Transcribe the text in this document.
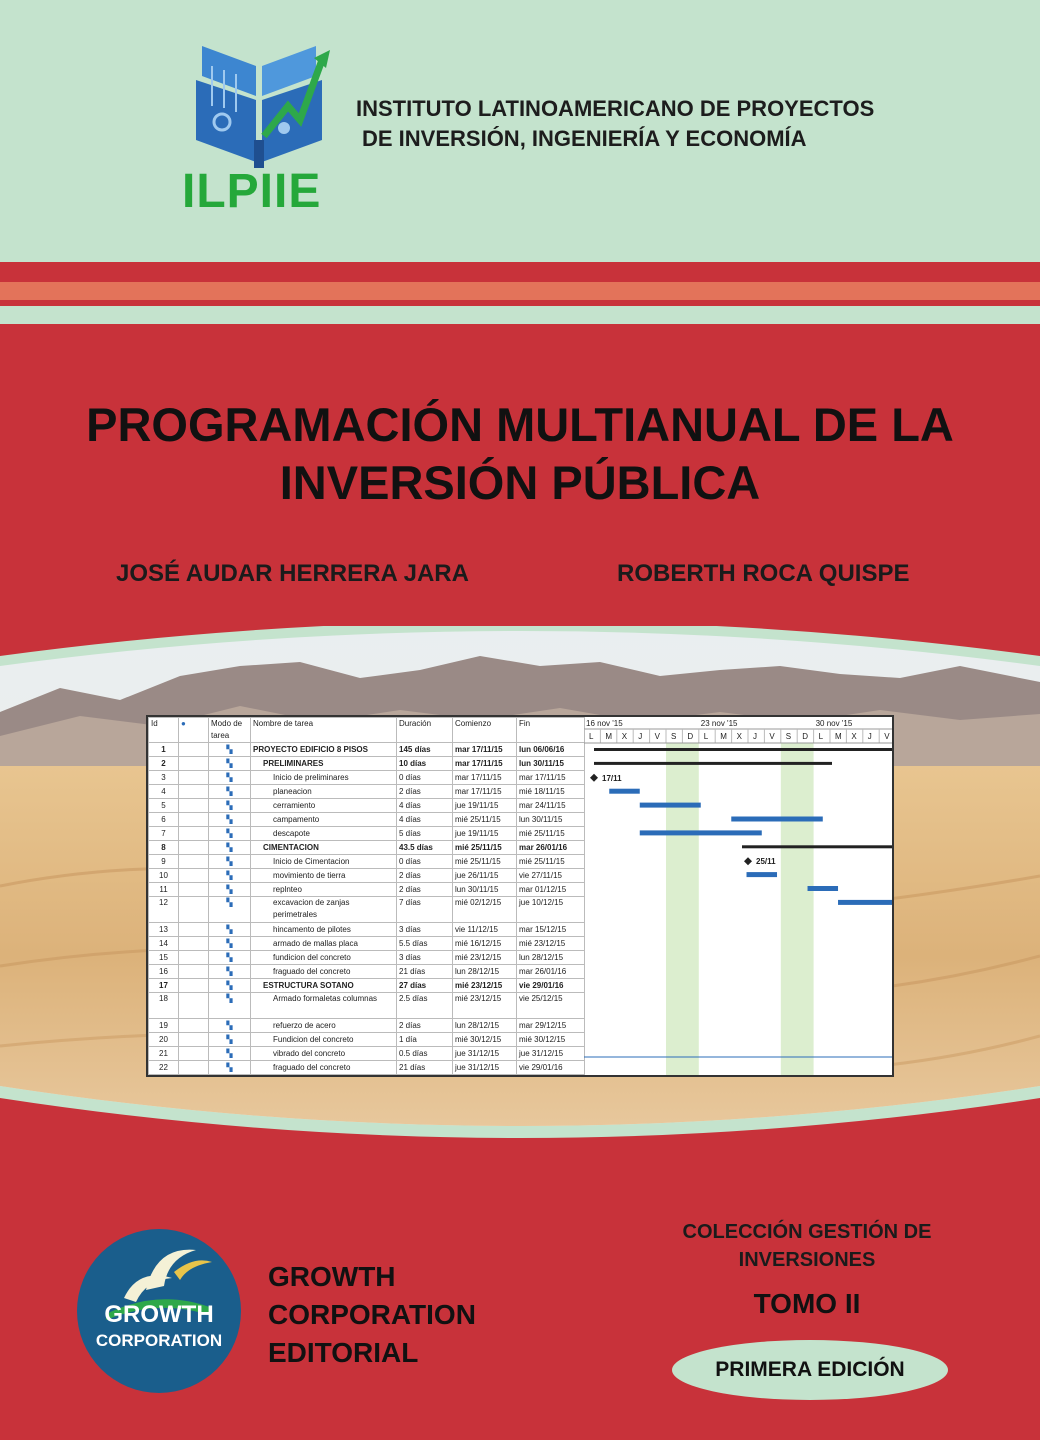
ILPIIE
INSTITUTO LATINOAMERICANO DE PROYECTOS
DE INVERSIÓN, INGENIERÍA Y ECONOMÍA
PROGRAMACIÓN MULTIANUAL DE LA
INVERSIÓN PÚBLICA
JOSÉ AUDAR HERRERA JARA	ROBERTH ROCA QUISPE
Id	●	Modo de tarea	Nombre de tarea	Duración	Comienzo	Fin
1		▚	PROYECTO EDIFICIO 8 PISOS	145 días	mar 17/11/15	lun 06/06/16
2		▚	PRELIMINARES	10 días	mar 17/11/15	lun 30/11/15
3		▚	Inicio de preliminares	0 días	mar 17/11/15	mar 17/11/15
4		▚	planeacion	2 días	mar 17/11/15	mié 18/11/15
5		▚	cerramiento	4 días	jue 19/11/15	mar 24/11/15
6		▚	campamento	4 días	mié 25/11/15	lun 30/11/15
7		▚	descapote	5 días	jue 19/11/15	mié 25/11/15
8		▚	CIMENTACION	43.5 días	mié 25/11/15	mar 26/01/16
9		▚	Inicio de Cimentacion	0 días	mié 25/11/15	mié 25/11/15
10		▚	movimiento de tierra	2 días	jue 26/11/15	vie 27/11/15
11		▚	replnteo	2 días	lun 30/11/15	mar 01/12/15
12		▚	excavacion de zanjas perimetrales	7 días	mié 02/12/15	jue 10/12/15
13		▚	hincamento de pilotes	3 días	vie 11/12/15	mar 15/12/15
14		▚	armado de mallas placa	5.5 días	mié 16/12/15	mié 23/12/15
15		▚	fundicion del concreto	3 días	mié 23/12/15	lun 28/12/15
16		▚	fraguado del concreto	21 días	lun 28/12/15	mar 26/01/16
17		▚	ESTRUCTURA SOTANO	27 días	mié 23/12/15	vie 29/01/16
18		▚	Armado formaletas columnas	2.5 días	mié 23/12/15	vie 25/12/15
19		▚	refuerzo de acero	2 días	lun 28/12/15	mar 29/12/15
20		▚	Fundicion del concreto	1 día	mié 30/12/15	mié 30/12/15
21		▚	vibrado del concreto	0.5 días	jue 31/12/15	jue 31/12/15
22		▚	fraguado del concreto	21 días	jue 31/12/15	vie 29/01/16
16 nov '15	23 nov '15	30 nov '15
L M X J V S D L M X J V S D L M X J V
17/11
25/11
COLECCIÓN GESTIÓN DE
INVERSIONES
TOMO II
PRIMERA EDICIÓN
GROWTH
CORPORATION
GROWTH
CORPORATION
EDITORIAL
